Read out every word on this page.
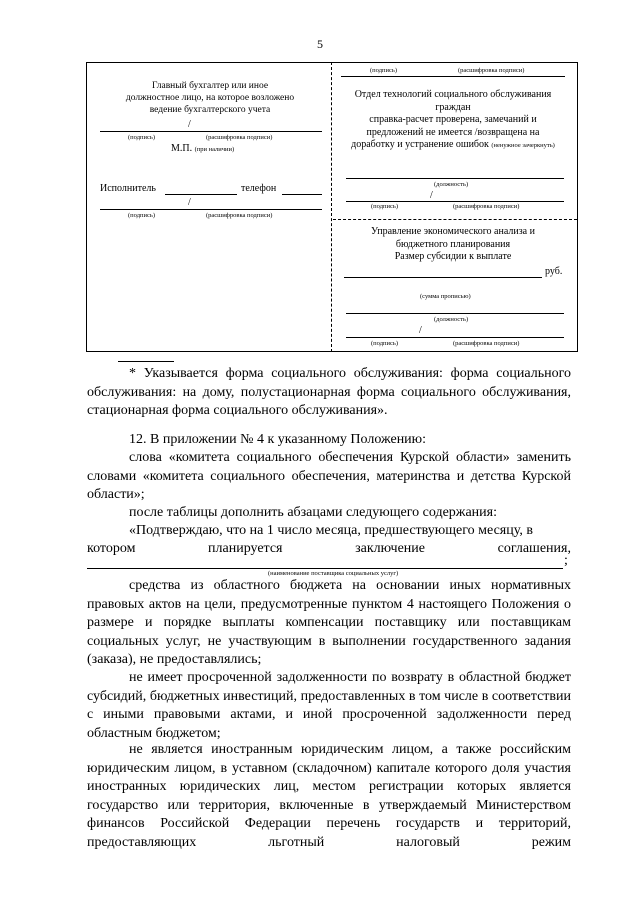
5
Главный бухгалтер или иное
должностное лицо, на которое возложено
ведение бухгалтерского учета
/
(подпись)	(расшифровка подписи)
М.П. (при наличии)
Исполнитель	телефон
/
(подпись)	(расшифровка подписи)
(подпись)	(расшифровка подписи)
Отдел технологий социального обслуживания граждан
справка-расчет проверена, замечаний и
предложений не имеется /возвращена на
доработку и устранение ошибок (ненужное зачеркнуть)
(должность)
/
(подпись)	(расшифровка подписи)
Управление экономического анализа и
бюджетного планирования
Размер субсидии к выплате
руб.
(сумма прописью)
(должность)
/
(подпись)	(расшифровка подписи)
* Указывается форма социального обслуживания: форма социального обслуживания: на дому, полустационарная форма социального обслуживания, стационарная форма социального обслуживания».
12. В приложении № 4 к указанному Положению:
слова «комитета социального обеспечения Курской области» заменить словами «комитета социального обеспечения, материнства и детства Курской области»;
после таблицы дополнить абзацами следующего содержания:
«Подтверждаю, что на 1 число месяца, предшествующего месяцу, в
котором	планируется	заключение	соглашения,
;
(наименование поставщика социальных услуг)
средства из областного бюджета на основании иных нормативных правовых актов на цели, предусмотренные пунктом 4 настоящего Положения о размере и порядке выплаты компенсации поставщику или поставщикам социальных услуг, не участвующим в выполнении государственного задания (заказа), не предоставлялись;
не имеет просроченной задолженности по возврату в областной бюджет субсидий, бюджетных инвестиций, предоставленных в том числе в соответствии с иными правовыми актами, и иной просроченной задолженности перед областным бюджетом;
не является иностранным юридическим лицом, а также российским юридическим лицом, в уставном (складочном) капитале которого доля участия иностранных юридических лиц, местом регистрации которых является государство или территория, включенные в утверждаемый Министерством финансов Российской Федерации перечень государств и территорий, предоставляющих льготный налоговый режим
